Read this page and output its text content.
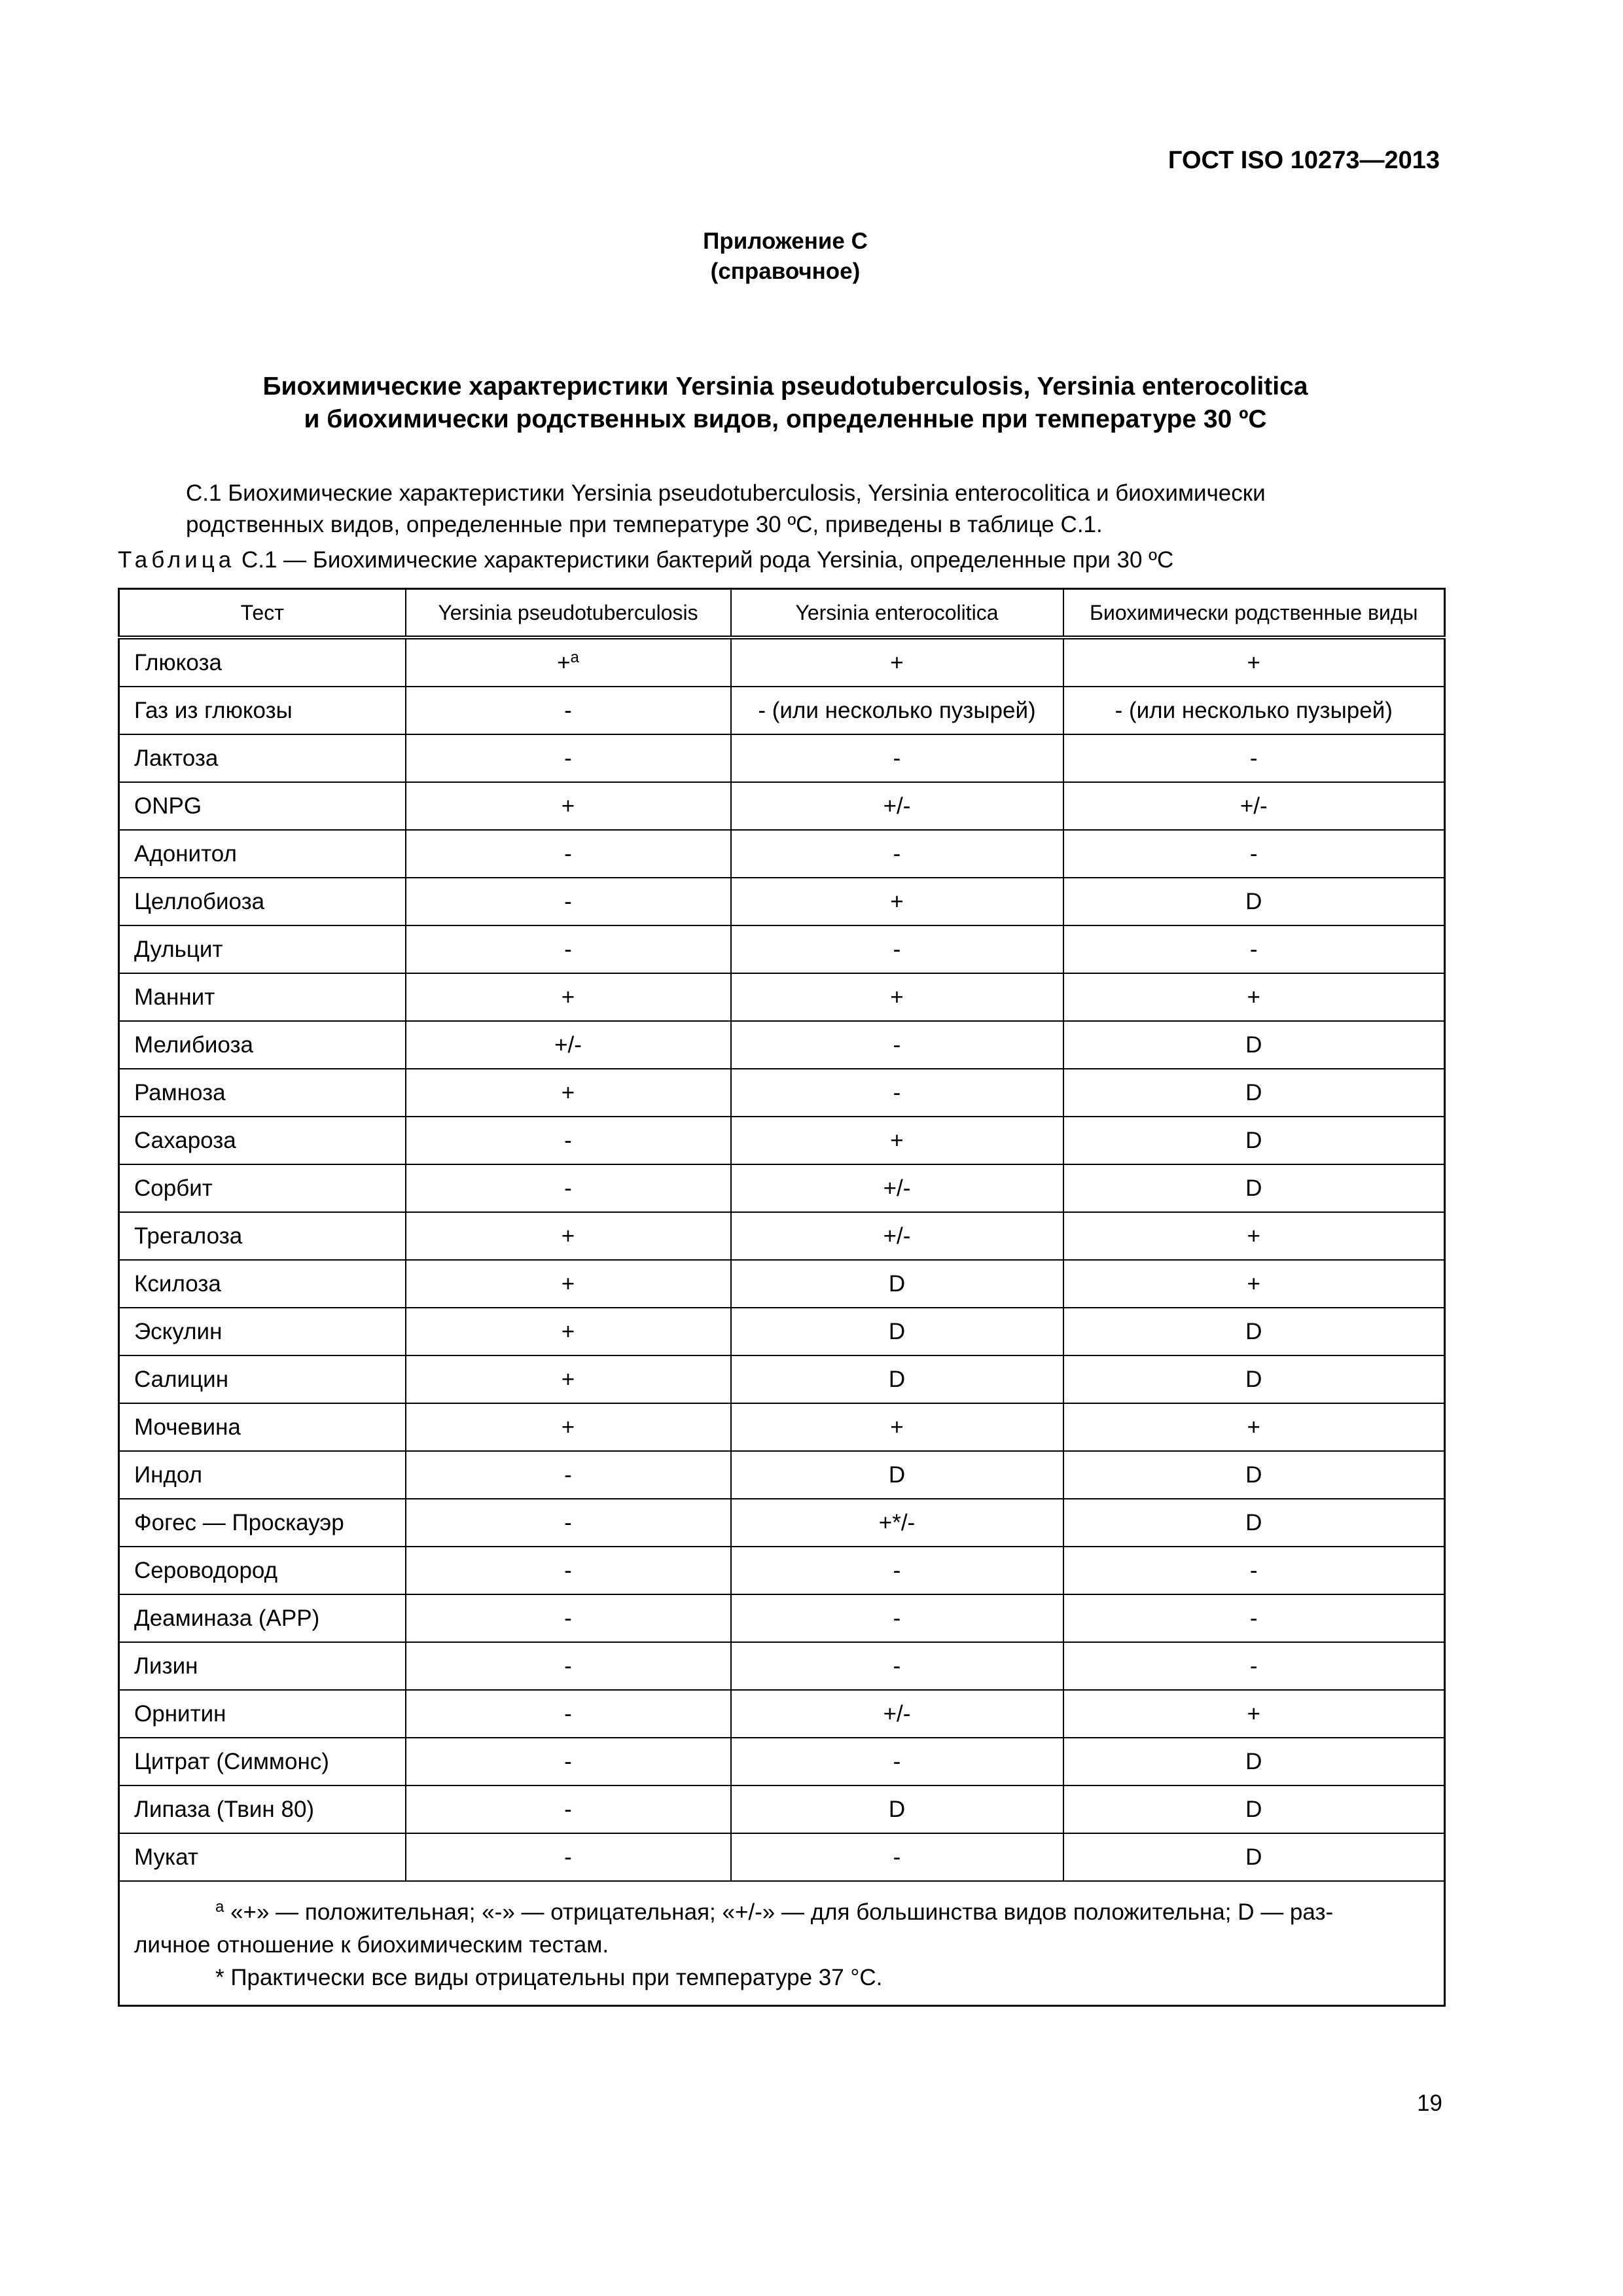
ГОСТ ISO 10273—2013
Приложение С
(справочное)
Биохимические характеристики Yersinia pseudotuberculosis, Yersinia enterocolitica
и биохимически родственных видов, определенные при температуре 30 ºС
С.1 Биохимические характеристики Yersinia pseudotuberculosis, Yersinia enterocolitica и биохимически
родственных видов, определенные при температуре 30 ºС, приведены в таблице С.1.
Таблица С.1 — Биохимические характеристики бактерий рода Yersinia, определенные при 30 ºС
Тест	Yersinia pseudotuberculosis	Yersinia enterocolitica	Биохимически родственные виды
Глюкоза	+$^a$	+	+
Газ из глюкозы	-	- (или несколько пузырей)	- (или несколько пузырей)
Лактоза	-	-	-
ONPG	+	+/-	+/-
Адонитол	-	-	-
Целлобиоза	-	+	D
Дульцит	-	-	-
Маннит	+	+	+
Мелибиоза	+/-	-	D
Рамноза	+	-	D
Сахароза	-	+	D
Сорбит	-	+/-	D
Трегалоза	+	+/-	+
Ксилоза	+	D	+
Эскулин	+	D	D
Салицин	+	D	D
Мочевина	+	+	+
Индол	-	D	D
Фогес — Проскауэр	-	+*/-	D
Сероводород	-	-	-
Деаминаза (АРР)	-	-	-
Лизин	-	-	-
Орнитин	-	+/-	+
Цитрат (Симмонс)	-	-	D
Липаза (Твин 80)	-	D	D
Мукат	-	-	D

$^a$ «+» — положительная; «-» — отрицательная; «+/-» — для большинства видов положительна; D — раз-
личное отношение к биохимическим тестам.
* Практически все виды отрицательны при температуре 37 °С.			
19
